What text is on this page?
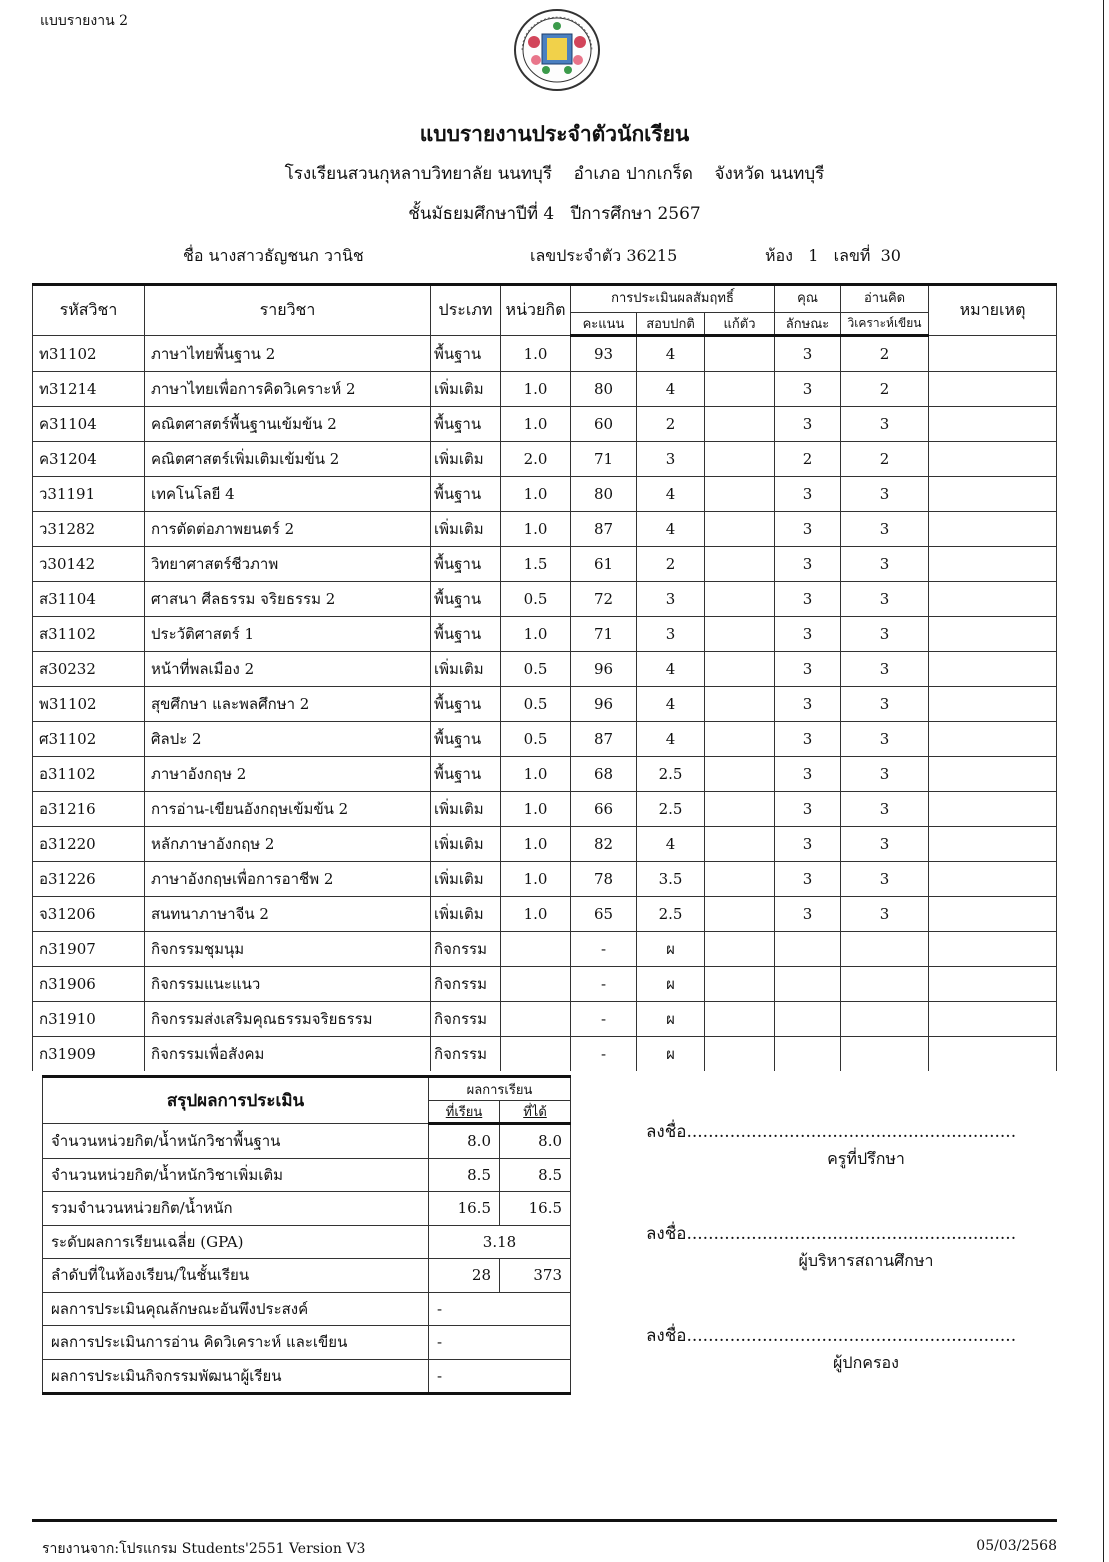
แบบรายงาน 2
แบบรายงานประจำตัวนักเรียน
โรงเรียนสวนกุหลาบวิทยาลัย นนทบุรี    อำเภอ ปากเกร็ด    จังหวัด นนทบุรี
ชั้นมัธยมศึกษาปีที่ 4   ปีการศึกษา 2567
ชื่อ นางสาวธัญชนก วานิช	เลขประจำตัว 36215	ห้อง   1   เลขที่  30
รหัสวิชา	รายวิชา	ประเภท	หน่วยกิต	การประเมินผลสัมฤทธิ์			คุณ	อ่านคิด	หมายเหตุ
				คะแนน	สอบปกติ	แก้ตัว	ลักษณะ	วิเคราะห์เขียน	
ท31102	ภาษาไทยพื้นฐาน 2	พื้นฐาน	1.0	93	4		3	2	
ท31214	ภาษาไทยเพื่อการคิดวิเคราะห์ 2	เพิ่มเติม	1.0	80	4		3	2	
ค31104	คณิตศาสตร์พื้นฐานเข้มข้น 2	พื้นฐาน	1.0	60	2		3	3	
ค31204	คณิตศาสตร์เพิ่มเติมเข้มข้น 2	เพิ่มเติม	2.0	71	3		2	2	
ว31191	เทคโนโลยี 4	พื้นฐาน	1.0	80	4		3	3	
ว31282	การตัดต่อภาพยนตร์ 2	เพิ่มเติม	1.0	87	4		3	3	
ว30142	วิทยาศาสตร์ชีวภาพ	พื้นฐาน	1.5	61	2		3	3	
ส31104	ศาสนา ศีลธรรม จริยธรรม 2	พื้นฐาน	0.5	72	3		3	3	
ส31102	ประวัติศาสตร์ 1	พื้นฐาน	1.0	71	3		3	3	
ส30232	หน้าที่พลเมือง 2	เพิ่มเติม	0.5	96	4		3	3	
พ31102	สุขศึกษา และพลศึกษา 2	พื้นฐาน	0.5	96	4		3	3	
ศ31102	ศิลปะ 2	พื้นฐาน	0.5	87	4		3	3	
อ31102	ภาษาอังกฤษ 2	พื้นฐาน	1.0	68	2.5		3	3	
อ31216	การอ่าน-เขียนอังกฤษเข้มข้น 2	เพิ่มเติม	1.0	66	2.5		3	3	
อ31220	หลักภาษาอังกฤษ 2	เพิ่มเติม	1.0	82	4		3	3	
อ31226	ภาษาอังกฤษเพื่อการอาชีพ 2	เพิ่มเติม	1.0	78	3.5		3	3	
จ31206	สนทนาภาษาจีน 2	เพิ่มเติม	1.0	65	2.5		3	3	
ก31907	กิจกรรมชุมนุม	กิจกรรม		-	ผ				
ก31906	กิจกรรมแนะแนว	กิจกรรม		-	ผ				
ก31910	กิจกรรมส่งเสริมคุณธรรมจริยธรรม	กิจกรรม		-	ผ				
ก31909	กิจกรรมเพื่อสังคม	กิจกรรม		-	ผ				
สรุปผลการประเมิน	ผลการเรียน	
	ที่เรียน	ที่ได้
จำนวนหน่วยกิต/น้ำหนักวิชาพื้นฐาน	8.0	8.0
จำนวนหน่วยกิต/น้ำหนักวิชาเพิ่มเติม	8.5	8.5
รวมจำนวนหน่วยกิต/น้ำหนัก	16.5	16.5
ระดับผลการเรียนเฉลี่ย (GPA)	3.18	
ลำดับที่ในห้องเรียน/ในชั้นเรียน	28	373
ผลการประเมินคุณลักษณะอันพึงประสงค์	-	
ผลการประเมินการอ่าน คิดวิเคราะห์ และเขียน	-	
ผลการประเมินกิจกรรมพัฒนาผู้เรียน	-	
ลงชื่อ.............................................................
ครูที่ปรึกษา
ลงชื่อ.............................................................
ผู้บริหารสถานศึกษา
ลงชื่อ.............................................................
ผู้ปกครอง
รายงานจาก:โปรแกรม Students'2551 Version V3	05/03/2568
